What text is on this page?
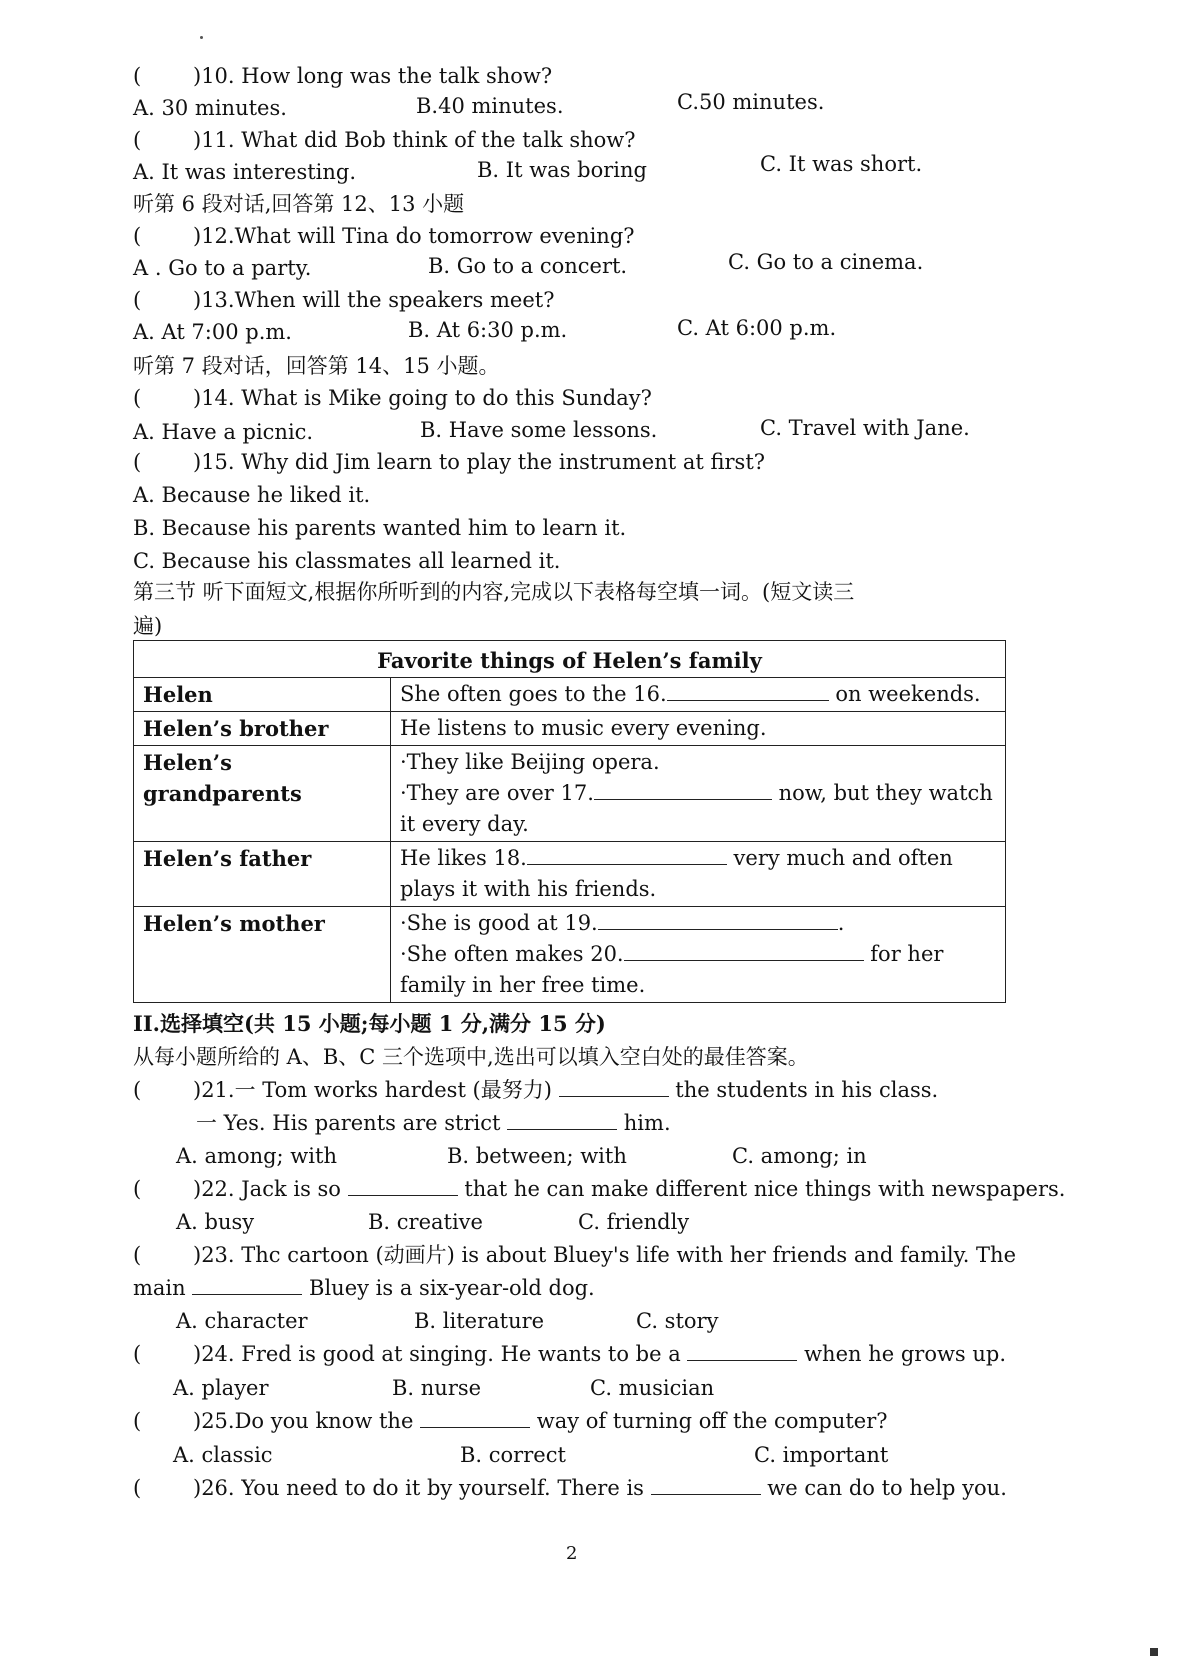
( )10. How long was the talk show?
A. 30 minutes.	B.40 minutes.	C.50 minutes.
( )11. What did Bob think of the talk show?
A. It was interesting.	B. It was boring	C. It was short.
听第 6 段对话,回答第 12、13 小题
( )12.What will Tina do tomorrow evening?
A . Go to a party.	B. Go to a concert.	C. Go to a cinema.
( )13.When will the speakers meet?
A. At 7:00 p.m.	B. At 6:30 p.m.	C. At 6:00 p.m.
听第 7 段对话，回答第 14、15 小题。
( )14. What is Mike going to do this Sunday?
A. Have a picnic.	B. Have some lessons.	C. Travel with Jane.
( )15. Why did Jim learn to play the instrument at first?
A. Because he liked it.
B. Because his parents wanted him to learn it.
C. Because his classmates all learned it.
第三节 听下面短文,根据你所听到的内容,完成以下表格每空填一词。(短文读三
遍)
Favorite things of Helen’s family	
Helen	She often goes to the 16. on weekends.
Helen’s brother	He listens to music every evening.
Helen’s grandparents	·They like Beijing opera.
·They are over 17. now, but they watch
it every day.

Helen’s father	He likes 18. very much and often
plays it with his friends.

Helen’s mother	·She is good at 19. .
·She often makes 20. for her
family in her free time.
II.选择填空(共 15 小题;每小题 1 分,满分 15 分)
从每小题所给的 A、B、C 三个选项中,选出可以填入空白处的最佳答案。
( )21.一 Tom works hardest (最努力)	the students in his class.
一 Yes. His parents are strict	him.
A. among; with	B. between; with	C. among; in
( )22. Jack is so	that he can make different nice things with newspapers.
A. busy	B. creative	C. friendly
( )23. Thc cartoon (动画片) is about Bluey's life with her friends and family. The
main	Bluey is a six-year-old dog.
A. character	B. literature	C. story
( )24. Fred is good at singing. He wants to be a	when he grows up.
A. player	B. nurse	C. musician
( )25.Do you know the	way of turning off the computer?
A. classic	B. correct	C. important
( )26. You need to do it by yourself. There is	we can do to help you.
2
